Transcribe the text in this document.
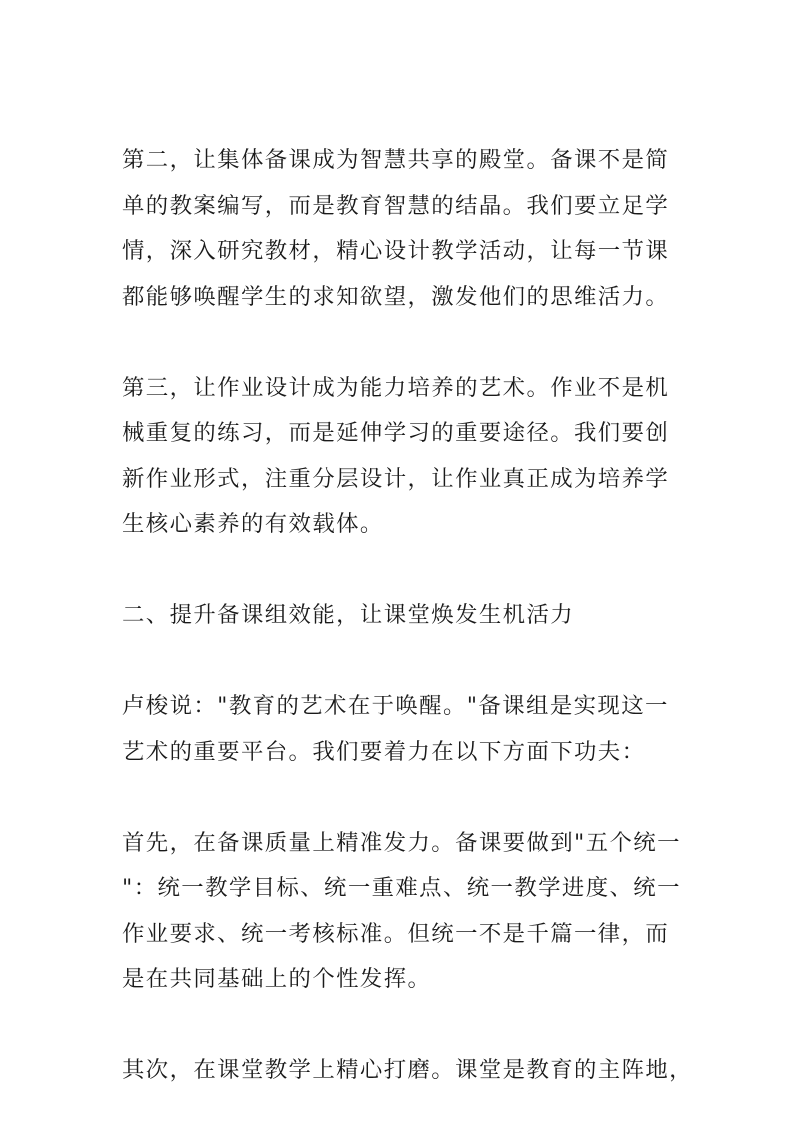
第二，让集体备课成为智慧共享的殿堂。备课不是简
单的教案编写，而是教育智慧的结晶。我们要立足学
情，深入研究教材，精心设计教学活动，让每一节课
都能够唤醒学生的求知欲望，激发他们的思维活力。
第三，让作业设计成为能力培养的艺术。作业不是机
械重复的练习，而是延伸学习的重要途径。我们要创
新作业形式，注重分层设计，让作业真正成为培养学
生核心素养的有效载体。
二、提升备课组效能，让课堂焕发生机活力
卢梭说："教育的艺术在于唤醒。"备课组是实现这一
艺术的重要平台。我们要着力在以下方面下功夫：
首先，在备课质量上精准发力。备课要做到"五个统一
"：统一教学目标、统一重难点、统一教学进度、统一
作业要求、统一考核标准。但统一不是千篇一律，而
是在共同基础上的个性发挥。
其次，在课堂教学上精心打磨。课堂是教育的主阵地，
